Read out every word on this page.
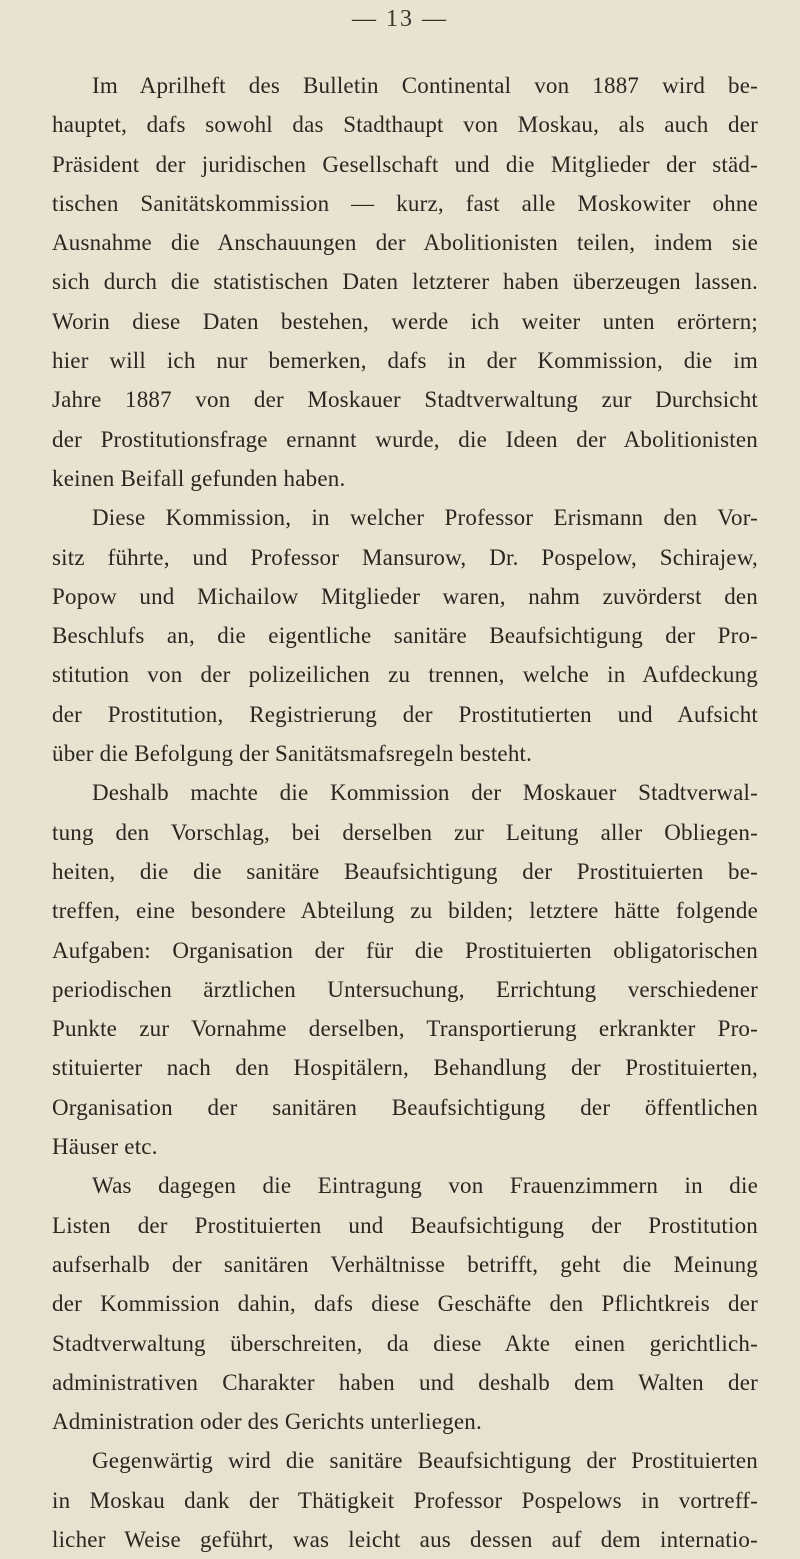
— 13 —
Im Aprilheft des Bulletin Continental von 1887 wird be-
hauptet, dafs sowohl das Stadthaupt von Moskau, als auch der
Präsident der juridischen Gesellschaft und die Mitglieder der städ-
tischen Sanitätskommission — kurz, fast alle Moskowiter ohne
Ausnahme die Anschauungen der Abolitionisten teilen, indem sie
sich durch die statistischen Daten letzterer haben überzeugen lassen.
Worin diese Daten bestehen, werde ich weiter unten erörtern;
hier will ich nur bemerken, dafs in der Kommission, die im
Jahre 1887 von der Moskauer Stadtverwaltung zur Durchsicht
der Prostitutionsfrage ernannt wurde, die Ideen der Abolitionisten
keinen Beifall gefunden haben.
Diese Kommission, in welcher Professor Erismann den Vor-
sitz führte, und Professor Mansurow, Dr. Pospelow, Schirajew,
Popow und Michailow Mitglieder waren, nahm zuvörderst den
Beschlufs an, die eigentliche sanitäre Beaufsichtigung der Pro-
stitution von der polizeilichen zu trennen, welche in Aufdeckung
der Prostitution, Registrierung der Prostitutierten und Aufsicht
über die Befolgung der Sanitätsmafsregeln besteht.
Deshalb machte die Kommission der Moskauer Stadtverwal-
tung den Vorschlag, bei derselben zur Leitung aller Obliegen-
heiten, die die sanitäre Beaufsichtigung der Prostituierten be-
treffen, eine besondere Abteilung zu bilden; letztere hätte folgende
Aufgaben: Organisation der für die Prostituierten obligatorischen
periodischen ärztlichen Untersuchung, Errichtung verschiedener
Punkte zur Vornahme derselben, Transportierung erkrankter Pro-
stituierter nach den Hospitälern, Behandlung der Prostituierten,
Organisation der sanitären Beaufsichtigung der öffentlichen
Häuser etc.
Was dagegen die Eintragung von Frauenzimmern in die
Listen der Prostituierten und Beaufsichtigung der Prostitution
aufserhalb der sanitären Verhältnisse betrifft, geht die Meinung
der Kommission dahin, dafs diese Geschäfte den Pflichtkreis der
Stadtverwaltung überschreiten, da diese Akte einen gerichtlich-
administrativen Charakter haben und deshalb dem Walten der
Administration oder des Gerichts unterliegen.
Gegenwärtig wird die sanitäre Beaufsichtigung der Prostituierten
in Moskau dank der Thätigkeit Professor Pospelows in vortreff-
licher Weise geführt, was leicht aus dessen auf dem internatio-
